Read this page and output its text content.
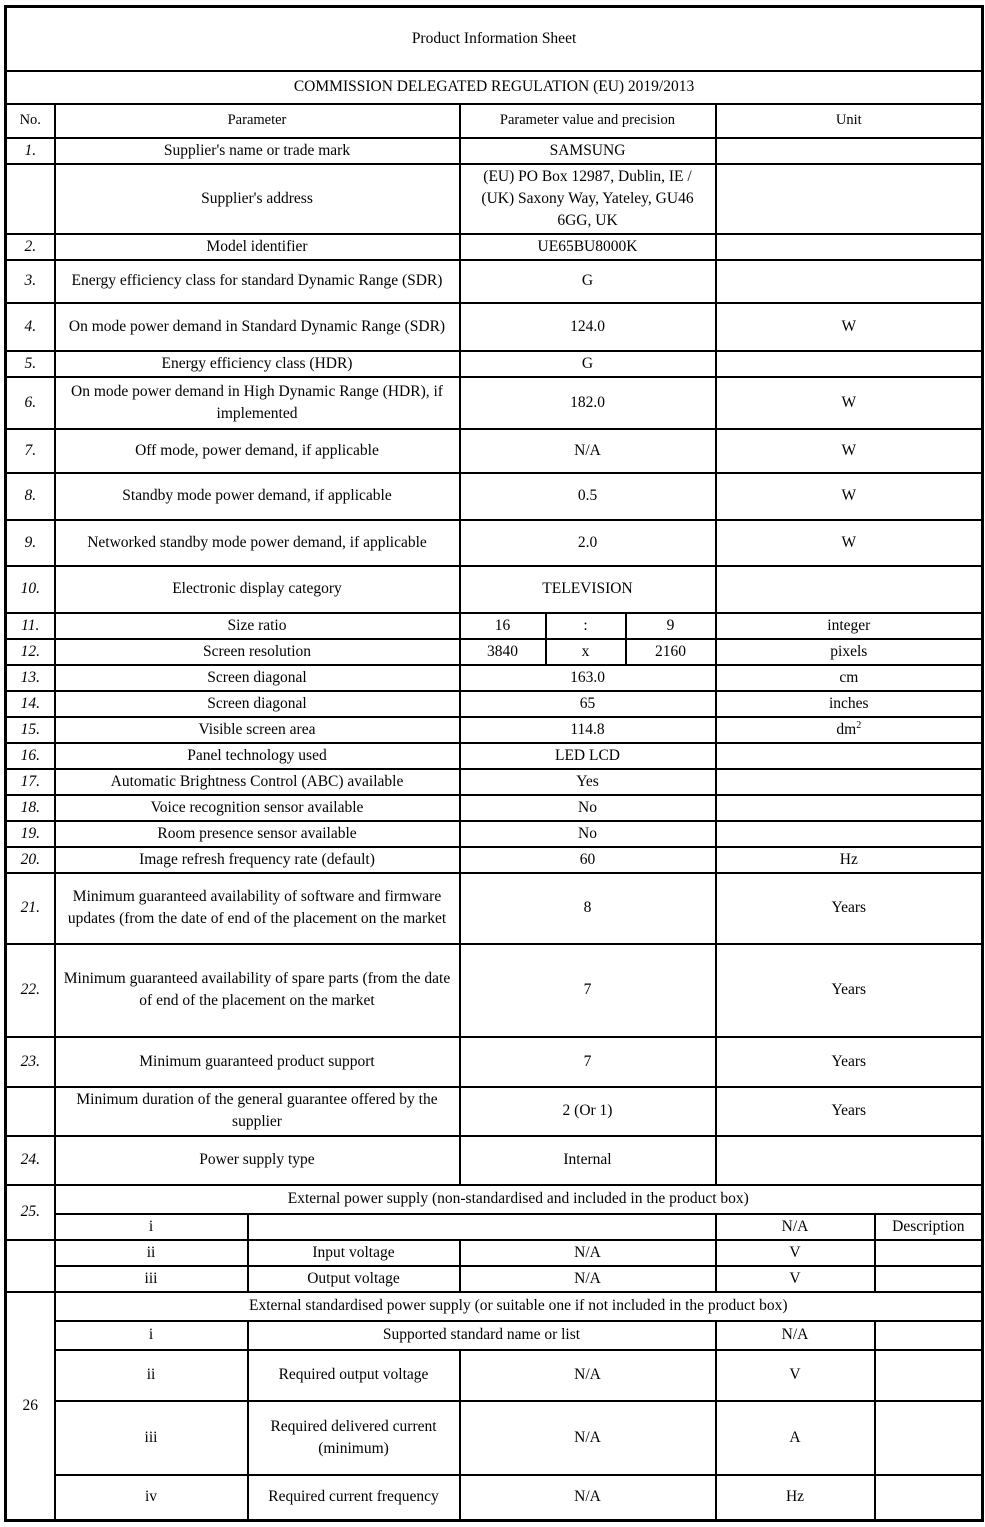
Product Information Sheet							
COMMISSION DELEGATED REGULATION (EU) 2019/2013							
No.	Parameter		Parameter value and precision			Unit	
1.	Supplier's name or trade mark		SAMSUNG				
	Supplier's address		(EU) PO Box 12987, Dublin, IE / (UK) Saxony Way, Yateley, GU46 6GG, UK				
2.	Model identifier		UE65BU8000K				
3.	Energy efficiency class for standard Dynamic Range (SDR)		G				
4.	On mode power demand in Standard Dynamic Range (SDR)		124.0			W	
5.	Energy efficiency class (HDR)		G				
6.	On mode power demand in High Dynamic Range (HDR), if implemented		182.0			W	
7.	Off mode, power demand, if applicable		N/A			W	
8.	Standby mode power demand, if applicable		0.5			W	
9.	Networked standby mode power demand, if applicable		2.0			W	
10.	Electronic display category		TELEVISION				
11.	Size ratio		16	:	9	integer	
12.	Screen resolution		3840	x	2160	pixels	
13.	Screen diagonal		163.0			cm	
14.	Screen diagonal		65			inches	
15.	Visible screen area		114.8			$dm^2$
16.	Panel technology used		LED LCD				
17.	Automatic Brightness Control (ABC) available		Yes				
18.	Voice recognition sensor available		No				
19.	Room presence sensor available		No				
20.	Image refresh frequency rate (default)		60			Hz	
21.	Minimum guaranteed availability of software and firmware updates (from the date of end of the placement on the market		8			Years	
22.	Minimum guaranteed availability of spare parts (from the date of end of the placement on the market		7			Years	
23.	Minimum guaranteed product support		7			Years	
	Minimum duration of the general guarantee offered by the supplier		2 (Or 1)			Years	
24.	Power supply type		Internal				
25.	External power supply (non-standardised and included in the product box)						
	i					N/A	Description
	ii	Input voltage	N/A			V	
	iii	Output voltage	N/A			V	
26	External standardised power supply (or suitable one if not included in the product box)						
	i	Supported standard name or list				N/A	
	ii	Required output voltage	N/A			V	
	iii	Required delivered current (minimum)	N/A			A	
	iv	Required current frequency	N/A			Hz	
